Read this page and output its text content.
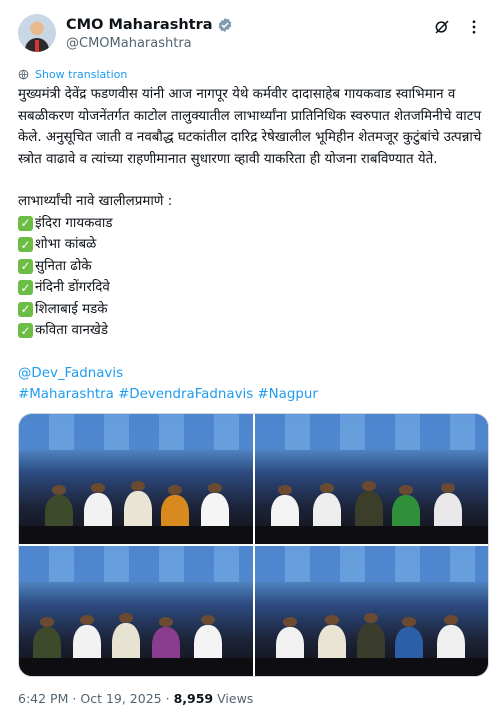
CMO Maharashtra
@CMOMaharashtra
Show translation

मुख्यमंत्री देवेंद्र फडणवीस यांनी आज नागपूर येथे कर्मवीर दादासाहेब गायकवाड स्वाभिमान व सबळीकरण योजनेंतर्गत काटोल तालुक्यातील लाभार्थ्यांना प्रातिनिधिक स्वरुपात शेतजमिनीचे वाटप केले. अनुसूचित जाती व नवबौद्ध घटकांतील दारिद्र रेषेखालील भूमिहीन शेतमजूर कुटुंबांचे उत्पन्नाचे स्त्रोत वाढावे व त्यांच्या राहणीमानात सुधारणा व्हावी याकरिता ही योजना राबविण्यात येते.

लाभार्थ्यांची नावे खालीलप्रमाणे :

✓ इंदिरा गायकवाड
✓ शोभा कांबळे
✓ सुनिता ढोके
✓ नंदिनी डोंगरदिवे
✓ शिलाबाई मडके
✓ कविता वानखेडे

@Dev_Fadnavis

#Maharashtra #DevendraFadnavis #Nagpur

6:42 PM · Oct 19, 2025 · 8,959 Views
